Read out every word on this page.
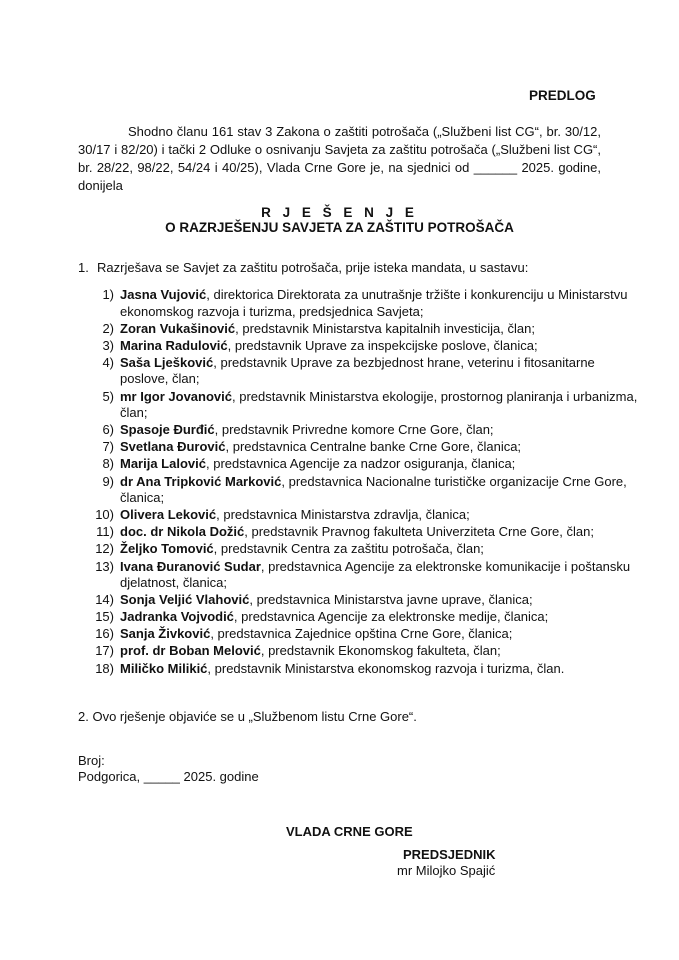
PREDLOG
Shodno članu 161 stav 3 Zakona o zaštiti potrošača („Službeni list CG“, br. 30/12, 30/17 i 82/20) i tački 2 Odluke o osnivanju Savjeta za zaštitu potrošača („Službeni list CG“, br. 28/22, 98/22, 54/24 i 40/25), Vlada Crne Gore je, na sjednici od ______ 2025. godine, donijela
R J E Š E N J E
O RAZRJEŠENJU SAVJETA ZA ZAŠTITU POTROŠAČA
1. Razrješava se Savjet za zaštitu potrošača, prije isteka mandata, u sastavu:
1) Jasna Vujović, direktorica Direktorata za unutrašnje tržište i konkurenciju u Ministarstvu ekonomskog razvoja i turizma, predsjednica Savjeta;
2) Zoran Vukašinović, predstavnik Ministarstva kapitalnih investicija, član;
3) Marina Radulović, predstavnik Uprave za inspekcijske poslove, članica;
4) Saša Lješković, predstavnik Uprave za bezbjednost hrane, veterinu i fitosanitarne poslove, član;
5) mr Igor Jovanović, predstavnik Ministarstva ekologije, prostornog planiranja i urbanizma, član;
6) Spasoje Đurđić, predstavnik Privredne komore Crne Gore, član;
7) Svetlana Đurović, predstavnica Centralne banke Crne Gore, članica;
8) Marija Lalović, predstavnica Agencije za nadzor osiguranja, članica;
9) dr Ana Tripković Marković, predstavnica Nacionalne turističke organizacije Crne Gore, članica;
10) Olivera Leković, predstavnica Ministarstva zdravlja, članica;
11) doc. dr Nikola Dožić, predstavnik Pravnog fakulteta Univerziteta Crne Gore, član;
12) Željko Tomović, predstavnik Centra za zaštitu potrošača, član;
13) Ivana Đuranović Sudar, predstavnica Agencije za elektronske komunikacije i poštansku djelatnost, članica;
14) Sonja Veljić Vlahović, predstavnica Ministarstva javne uprave, članica;
15) Jadranka Vojvodić, predstavnica Agencije za elektronske medije, članica;
16) Sanja Živković, predstavnica Zajednice opština Crne Gore, članica;
17) prof. dr Boban Melović, predstavnik Ekonomskog fakulteta, član;
18) Miličko Milikić, predstavnik Ministarstva ekonomskog razvoja i turizma, član.
2. Ovo rješenje objaviće se u „Službenom listu Crne Gore“.
Broj:
Podgorica, _____ 2025. godine
VLADA CRNE GORE
PREDSJEDNIK
mr Milojko Spajić
